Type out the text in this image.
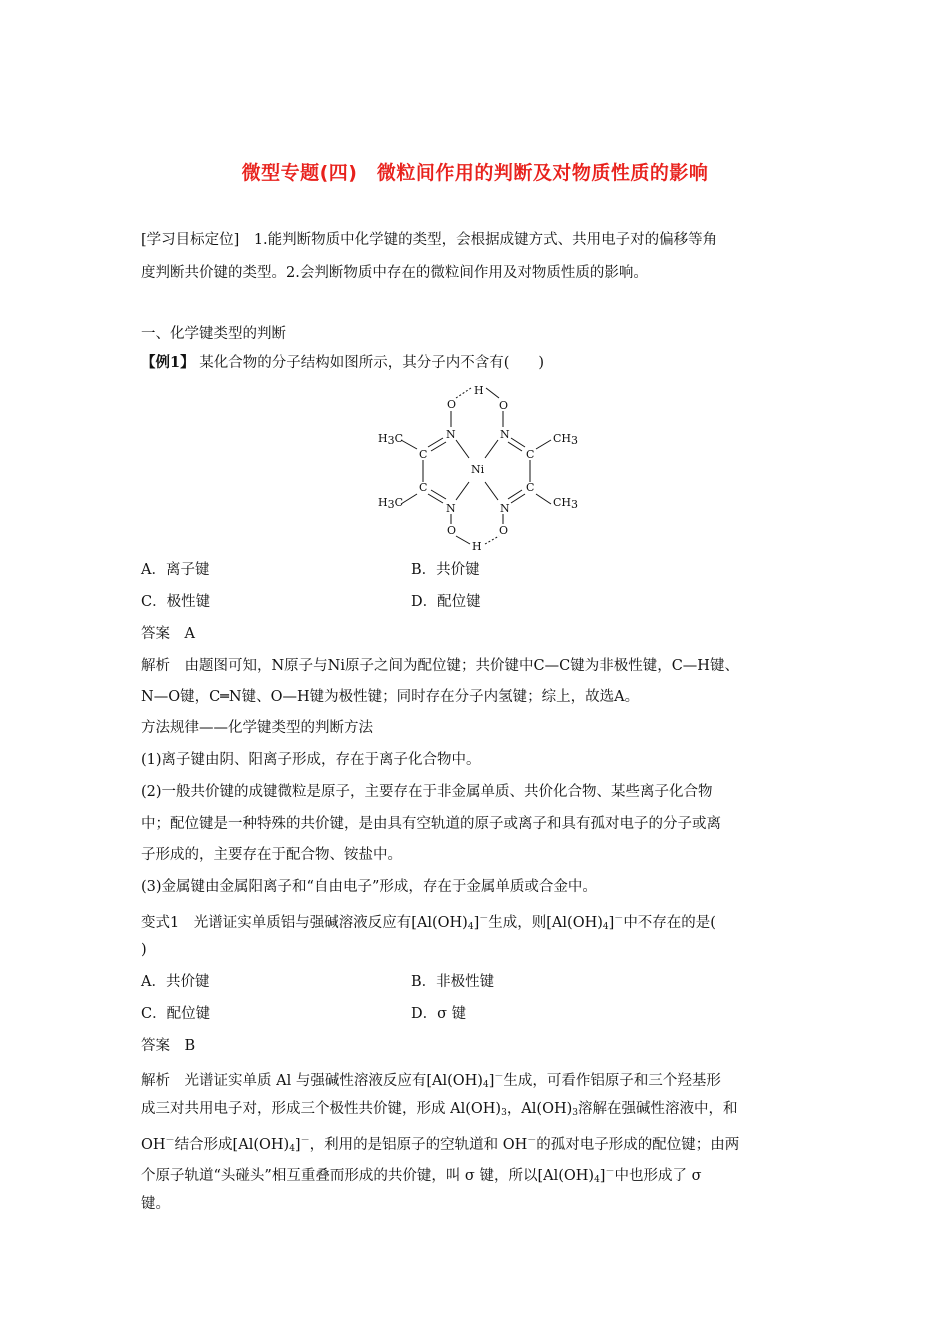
微型专题(四)　微粒间作用的判断及对物质性质的影响
[学习目标定位]　1.能判断物质中化学键的类型，会根据成键方式、共用电子对的偏移等角
度判断共价键的类型。2.会判断物质中存在的微粒间作用及对物质性质的影响。
一、化学键类型的判断
【例1】 某化合物的分子结构如图所示，其分子内不含有(　　)
H
O	O
N	N
Ni
C	C
C	C
N	N
O	O
H
H3C
H3C
CH3
CH3
A．离子键	B．共价键
C．极性键	D．配位键
答案　A
解析　由题图可知，N原子与Ni原子之间为配位键；共价键中C—C键为非极性键，C—H键、
N—O键，C═N键、O—H键为极性键；同时存在分子内氢键；综上，故选A。
方法规律——化学键类型的判断方法
(1)离子键由阴、阳离子形成，存在于离子化合物中。
(2)一般共价键的成键微粒是原子，主要存在于非金属单质、共价化合物、某些离子化合物
中；配位键是一种特殊的共价键，是由具有空轨道的原子或离子和具有孤对电子的分子或离
子形成的，主要存在于配合物、铵盐中。
(3)金属键由金属阳离子和“自由电子”形成，存在于金属单质或合金中。
变式1　光谱证实单质铝与强碱溶液反应有$[Al(OH)_4]^-$生成，则$[Al(OH)_4]^-$中不存在的是(
)
A．共价键	B．非极性键
C．配位键	D．σ 键
答案　B
解析　光谱证实单质 Al 与强碱性溶液反应有$[Al(OH)_4]^-$生成，可看作铝原子和三个羟基形
成三对共用电子对，形成三个极性共价键，形成 $Al(OH)_3$，$Al(OH)_3$溶解在强碱性溶液中，和
OH－结合形成$[Al(OH)_4]^-$，利用的是铝原子的空轨道和 OH－的孤对电子形成的配位键；由两
个原子轨道“头碰头”相互重叠而形成的共价键，叫 σ 键，所以$[Al(OH)_4]^-$中也形成了 σ
键。
